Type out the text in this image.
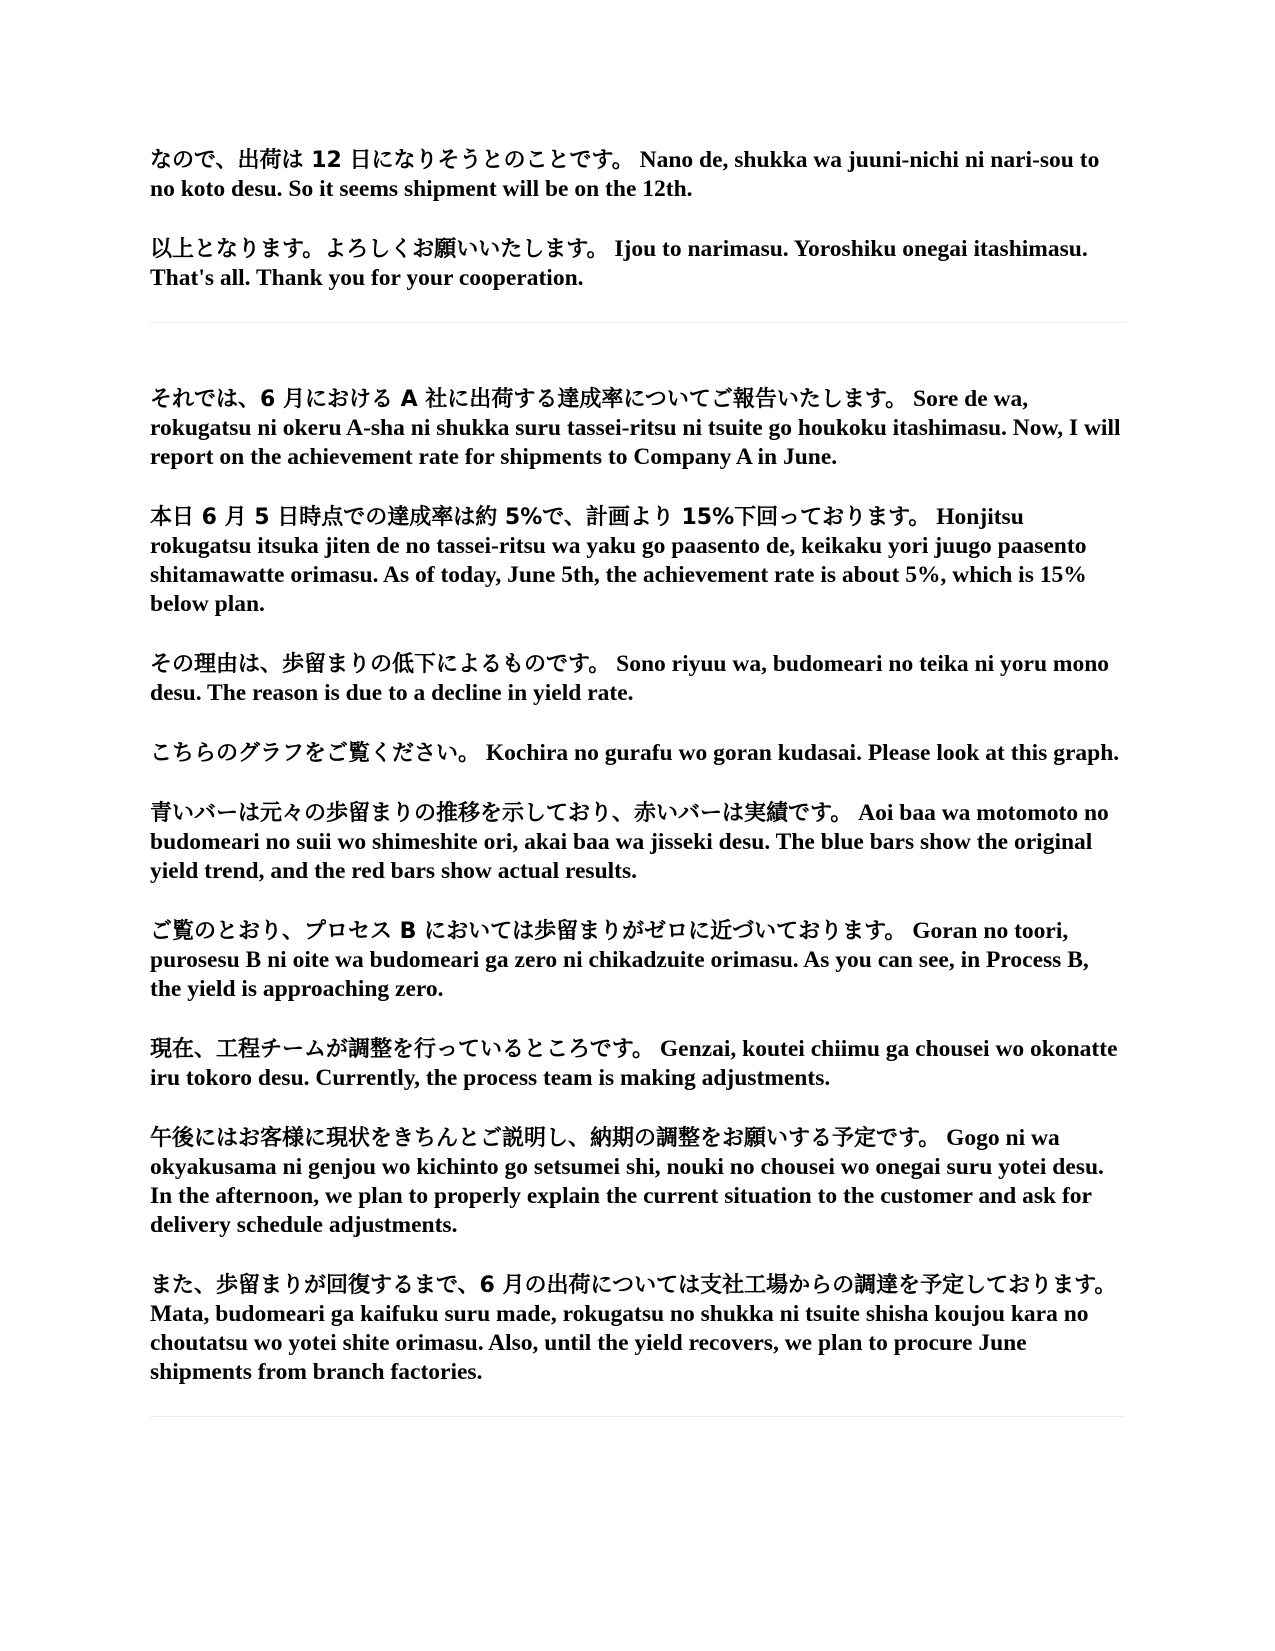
なので、出荷は 12 日になりそうとのことです。 Nano de, shukka wa juuni-nichi ni nari-sou to no koto desu. So it seems shipment will be on the 12th.

以上となります。よろしくお願いいたします。 Ijou to narimasu. Yoroshiku onegai itashimasu. That's all. Thank you for your cooperation.

それでは、6 月における A 社に出荷する達成率についてご報告いたします。 Sore de wa, rokugatsu ni okeru A-sha ni shukka suru tassei-ritsu ni tsuite go houkoku itashimasu. Now, I will report on the achievement rate for shipments to Company A in June.

本日 6 月 5 日時点での達成率は約 5%で、計画より 15%下回っております。 Honjitsu rokugatsu itsuka jiten de no tassei-ritsu wa yaku go paasento de, keikaku yori juugo paasento shitamawatte orimasu. As of today, June 5th, the achievement rate is about 5%, which is 15% below plan.

その理由は、歩留まりの低下によるものです。 Sono riyuu wa, budomeari no teika ni yoru mono desu. The reason is due to a decline in yield rate.

こちらのグラフをご覧ください。 Kochira no gurafu wo goran kudasai. Please look at this graph.

青いバーは元々の歩留まりの推移を示しており、赤いバーは実績です。 Aoi baa wa motomoto no budomeari no suii wo shimeshite ori, akai baa wa jisseki desu. The blue bars show the original yield trend, and the red bars show actual results.

ご覧のとおり、プロセス B においては歩留まりがゼロに近づいております。 Goran no toori, purosesu B ni oite wa budomeari ga zero ni chikadzuite orimasu. As you can see, in Process B, the yield is approaching zero.

現在、工程チームが調整を行っているところです。 Genzai, koutei chiimu ga chousei wo okonatte iru tokoro desu. Currently, the process team is making adjustments.

午後にはお客様に現状をきちんとご説明し、納期の調整をお願いする予定です。 Gogo ni wa okyakusama ni genjou wo kichinto go setsumei shi, nouki no chousei wo onegai suru yotei desu. In the afternoon, we plan to properly explain the current situation to the customer and ask for delivery schedule adjustments.

また、歩留まりが回復するまで、6 月の出荷については支社工場からの調達を予定しております。 Mata, budomeari ga kaifuku suru made, rokugatsu no shukka ni tsuite shisha koujou kara no choutatsu wo yotei shite orimasu. Also, until the yield recovers, we plan to procure June shipments from branch factories.
